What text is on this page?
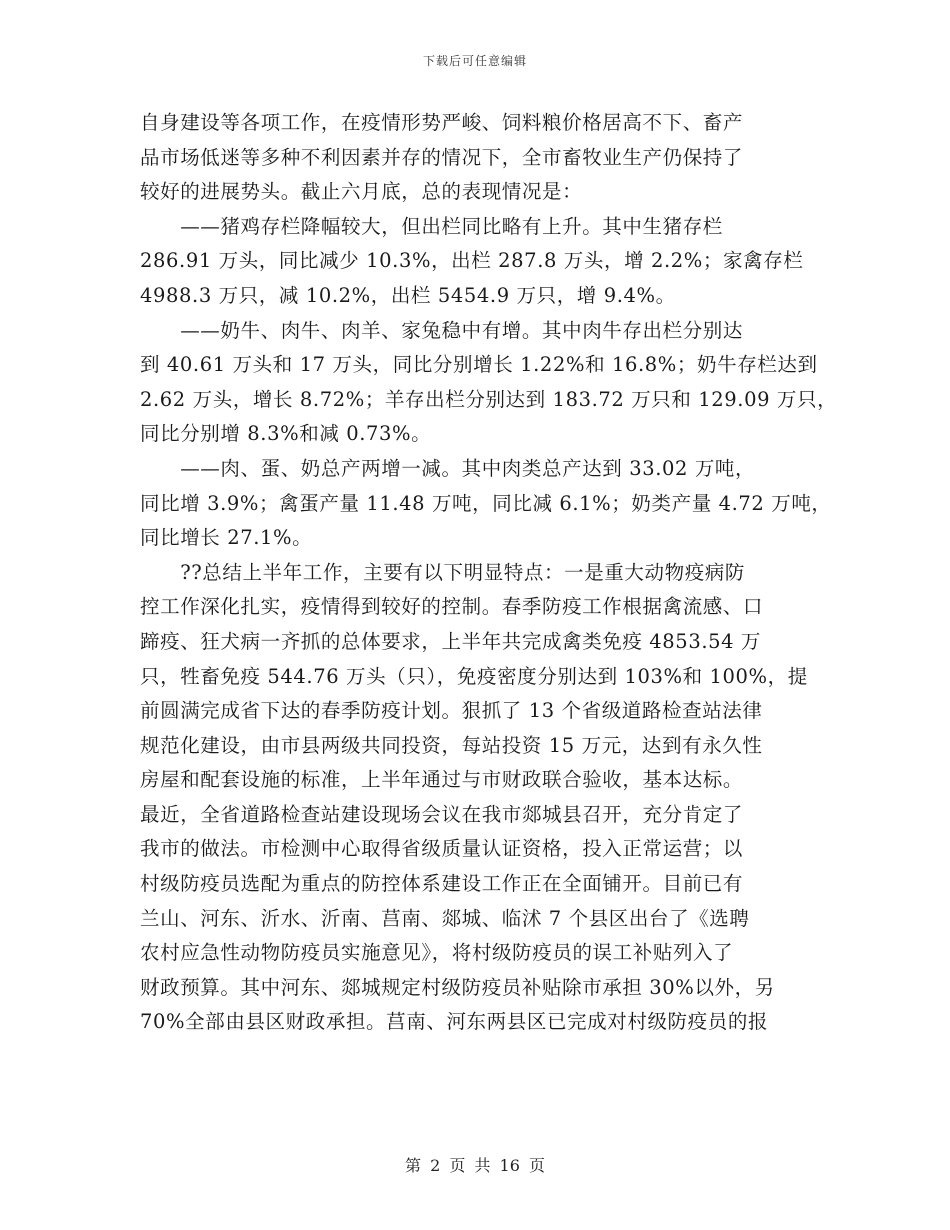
下载后可任意编辑
自身建设等各项工作，在疫情形势严峻、饲料粮价格居高不下、畜产
品市场低迷等多种不利因素并存的情况下，全市畜牧业生产仍保持了
较好的进展势头。截止六月底，总的表现情况是：
　　——猪鸡存栏降幅较大，但出栏同比略有上升。其中生猪存栏
286.91 万头，同比减少 10.3%，出栏 287.8 万头，增 2.2%；家禽存栏
4988.3 万只，减 10.2%，出栏 5454.9 万只，增 9.4%。
　　——奶牛、肉牛、肉羊、家兔稳中有增。其中肉牛存出栏分别达
到 40.61 万头和 17 万头，同比分别增长 1.22%和 16.8%；奶牛存栏达到
2.62 万头，增长 8.72%；羊存出栏分别达到 183.72 万只和 129.09 万只，
同比分别增 8.3%和减 0.73%。
　　——肉、蛋、奶总产两增一减。其中肉类总产达到 33.02 万吨，
同比增 3.9%；禽蛋产量 11.48 万吨，同比减 6.1%；奶类产量 4.72 万吨，
同比增长 27.1%。
　　??总结上半年工作，主要有以下明显特点：一是重大动物疫病防
控工作深化扎实，疫情得到较好的控制。春季防疫工作根据禽流感、口
蹄疫、狂犬病一齐抓的总体要求，上半年共完成禽类免疫 4853.54 万
只，牲畜免疫 544.76 万头（只），免疫密度分别达到 103%和 100%，提
前圆满完成省下达的春季防疫计划。狠抓了 13 个省级道路检查站法律
规范化建设，由市县两级共同投资，每站投资 15 万元，达到有永久性
房屋和配套设施的标准，上半年通过与市财政联合验收，基本达标。
最近，全省道路检查站建设现场会议在我市郯城县召开，充分肯定了
我市的做法。市检测中心取得省级质量认证资格，投入正常运营；以
村级防疫员选配为重点的防控体系建设工作正在全面铺开。目前已有
兰山、河东、沂水、沂南、莒南、郯城、临沭 7 个县区出台了《选聘
农村应急性动物防疫员实施意见》，将村级防疫员的误工补贴列入了
财政预算。其中河东、郯城规定村级防疫员补贴除市承担 30%以外，另
70%全部由县区财政承担。莒南、河东两县区已完成对村级防疫员的报
第 2 页 共 16 页
